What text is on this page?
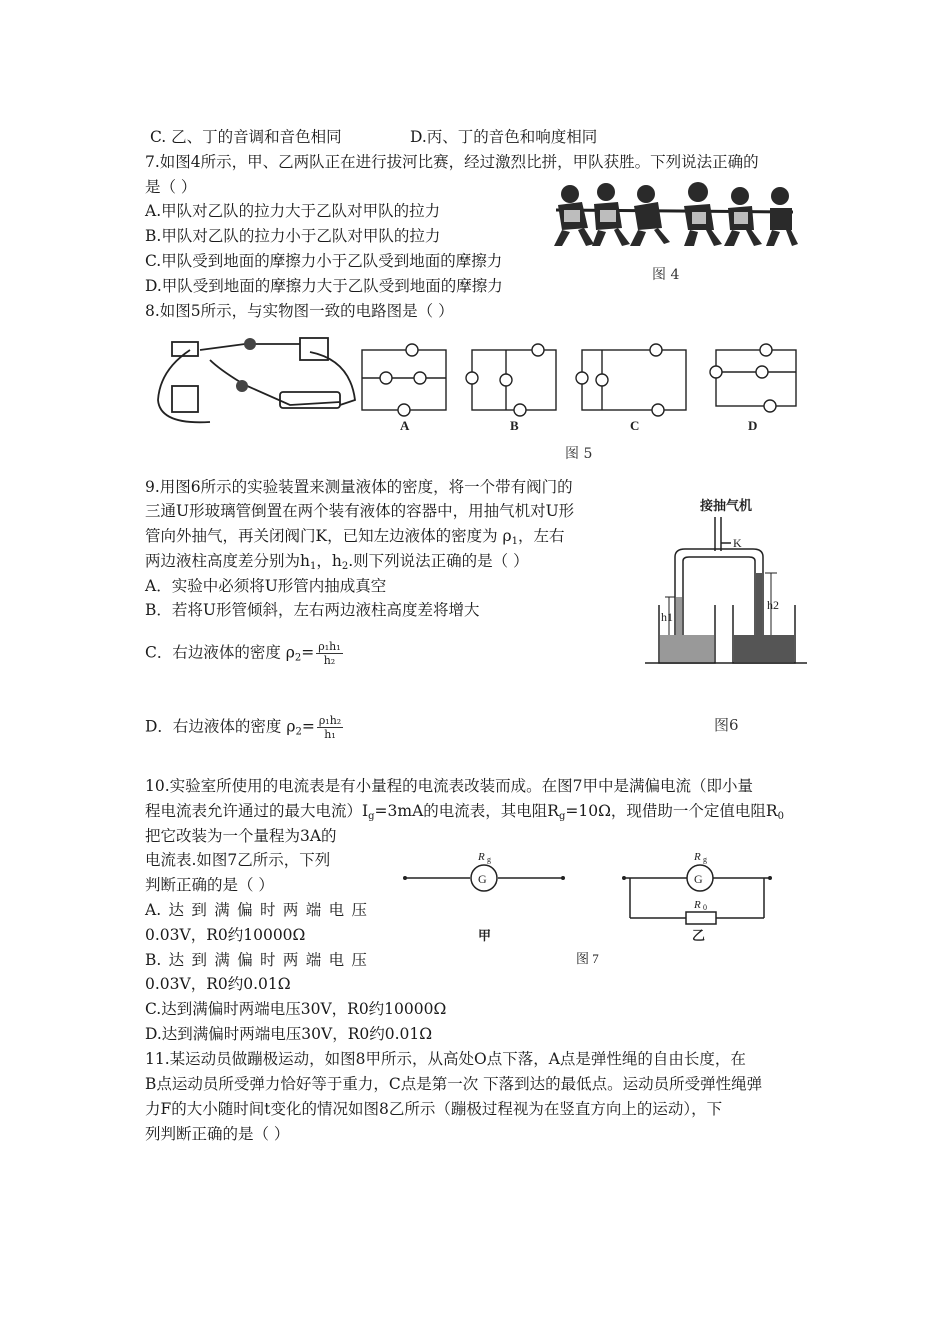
C. 乙、丁的音调和音色相同	D.丙、丁的音色和响度相同
7.如图4所示，甲、乙两队正在进行拔河比赛，经过激烈比拼，甲队获胜。下列说法正确的
是（ ）
A.甲队对乙队的拉力大于乙队对甲队的拉力
B.甲队对乙队的拉力小于乙队对甲队的拉力
C.甲队受到地面的摩擦力小于乙队受到地面的摩擦力
D.甲队受到地面的摩擦力大于乙队受到地面的摩擦力
图 4
8.如图5所示，与实物图一致的电路图是（ ）
A	B	C	D
图 5
9.用图6所示的实验装置来测量液体的密度，将一个带有阀门的
三通U形玻璃管倒置在两个装有液体的容器中，用抽气机对U形
管向外抽气，再关闭阀门K，已知左边液体的密度为 $\rho_1$，左右
两边液柱高度差分别为$h_1$，$h_2$.则下列说法正确的是（ ）
A．实验中必须将U形管内抽成真空
B．若将U形管倾斜，左右两边液柱高度差将增大
C．右边液体的密度 $\rho_2= \frac{\text{ρ₁h₁}}{\text{h₂}}$
D．右边液体的密度 $\rho_2= \frac{\text{ρ₁h₂}}{\text{h₁}}$
接抽气机
K
h1
h2
图6
10.实验室所使用的电流表是有小量程的电流表改装而成。在图7甲中是满偏电流（即小量
程电流表允许通过的最大电流）$I_g=3mA$的电流表，其电阻$R_g=10\Omega$，现借助一个定值电阻$R_0$
把它改装为一个量程为3A的
电流表.如图7乙所示，下列
判断正确的是（ ）
A. 达 到 满 偏 时 两 端 电 压
0.03V，R0约10000Ω
B. 达 到 满 偏 时 两 端 电 压
0.03V，R0约0.01Ω
C.达到满偏时两端电压30V，R0约10000Ω
D.达到满偏时两端电压30V，R0约0.01Ω
G	G
R g	R g
R 0
甲	乙
图 7
11.某运动员做蹦极运动，如图8甲所示，从高处O点下落，A点是弹性绳的自由长度，在
B点运动员所受弹力恰好等于重力，C点是第一次 下落到达的最低点。运动员所受弹性绳弹
力F的大小随时间t变化的情况如图8乙所示（蹦极过程视为在竖直方向上的运动），下
列判断正确的是（ ）
